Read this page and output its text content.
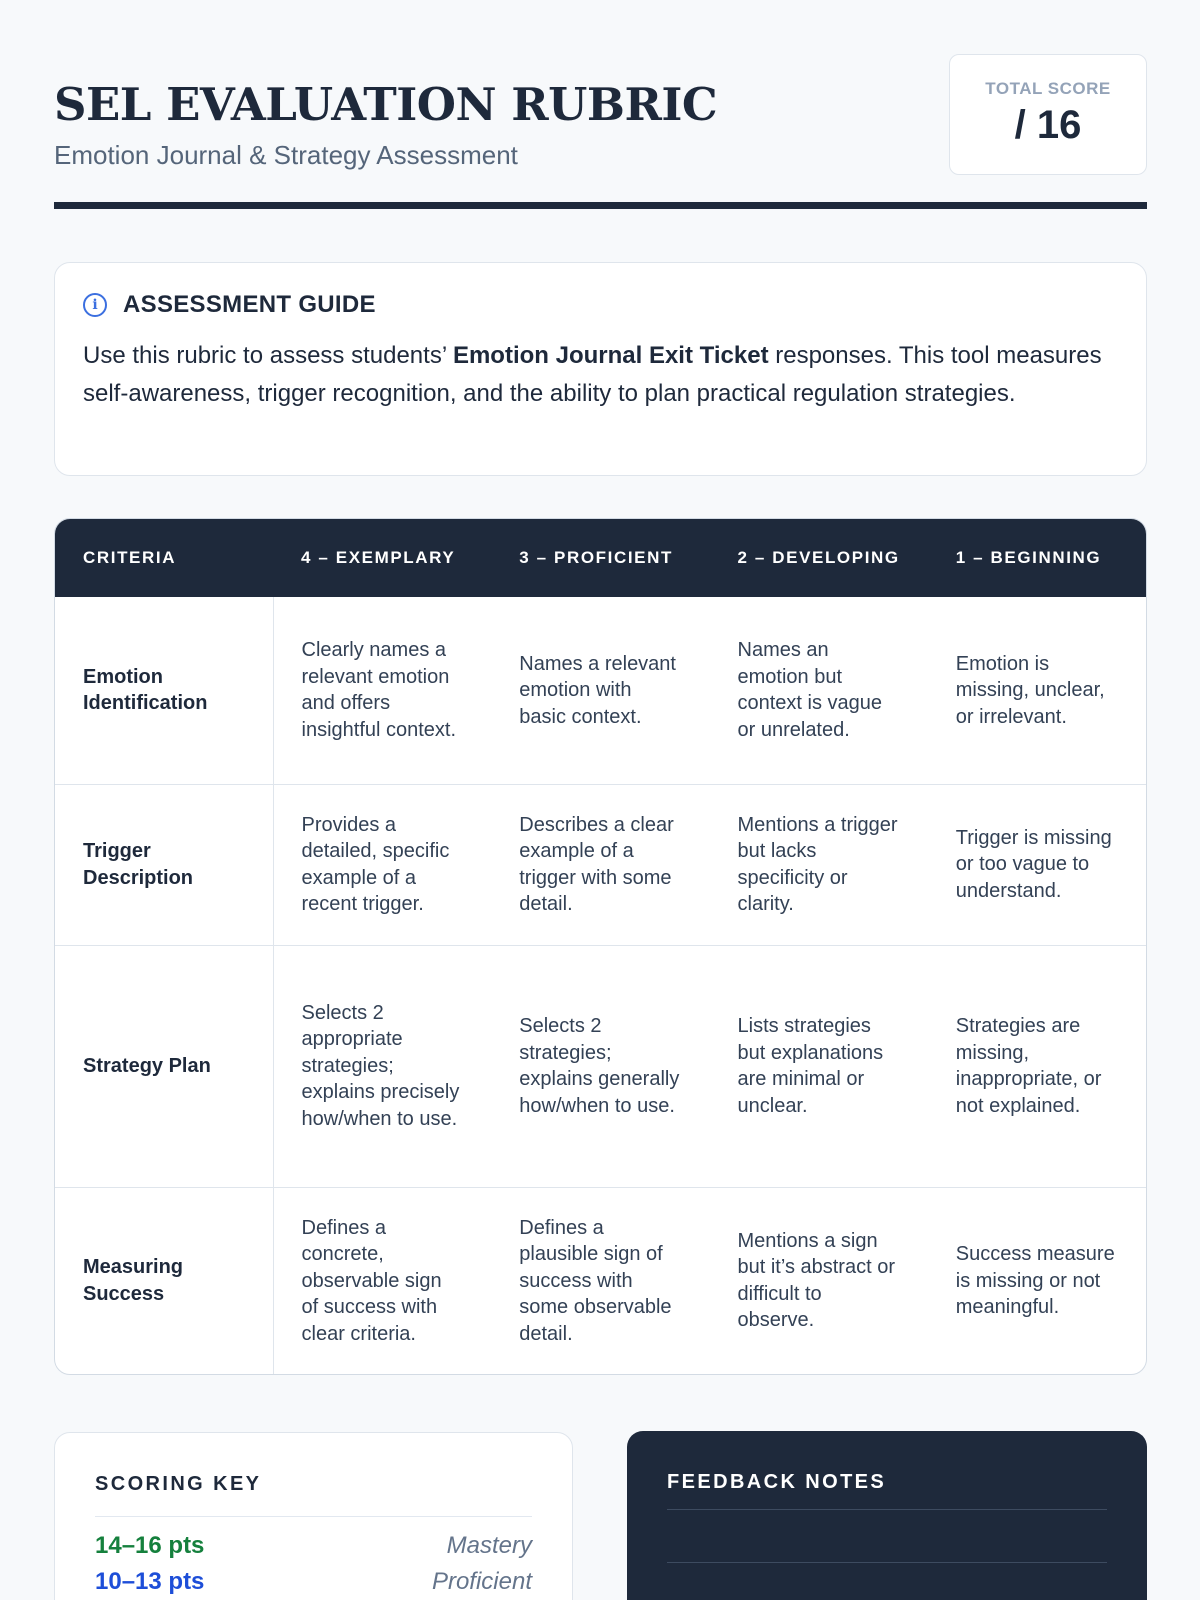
SEL EVALUATION RUBRIC
Emotion Journal & Strategy Assessment
TOTAL SCORE
/ 16
i	ASSESSMENT GUIDE
Use this rubric to assess students’ Emotion Journal Exit Ticket responses. This tool measures self-awareness, trigger recognition, and the ability to plan practical regulation strategies.
CRITERIA	4 – EXEMPLARY	3 – PROFICIENT	2 – DEVELOPING	1 – BEGINNING
Emotion Identification	Clearly names a relevant emotion and offers insightful context.	Names a relevant emotion with basic context.	Names an emotion but context is vague or unrelated.	Emotion is missing, unclear, or irrelevant.
Trigger Description	Provides a detailed, specific example of a recent trigger.	Describes a clear example of a trigger with some detail.	Mentions a trigger but lacks specificity or clarity.	Trigger is missing or too vague to understand.
Strategy Plan	Selects 2 appropriate strategies; explains precisely how/when to use.	Selects 2 strategies; explains generally how/when to use.	Lists strategies but explanations are minimal or unclear.	Strategies are missing, inappropriate, or not explained.
Measuring Success	Defines a concrete, observable sign of success with clear criteria.	Defines a plausible sign of success with some observable detail.	Mentions a sign but it’s abstract or difficult to observe.	Success measure is missing or not meaningful.
SCORING KEY
14–16 pts	Mastery
10–13 pts	Proficient
FEEDBACK NOTES
